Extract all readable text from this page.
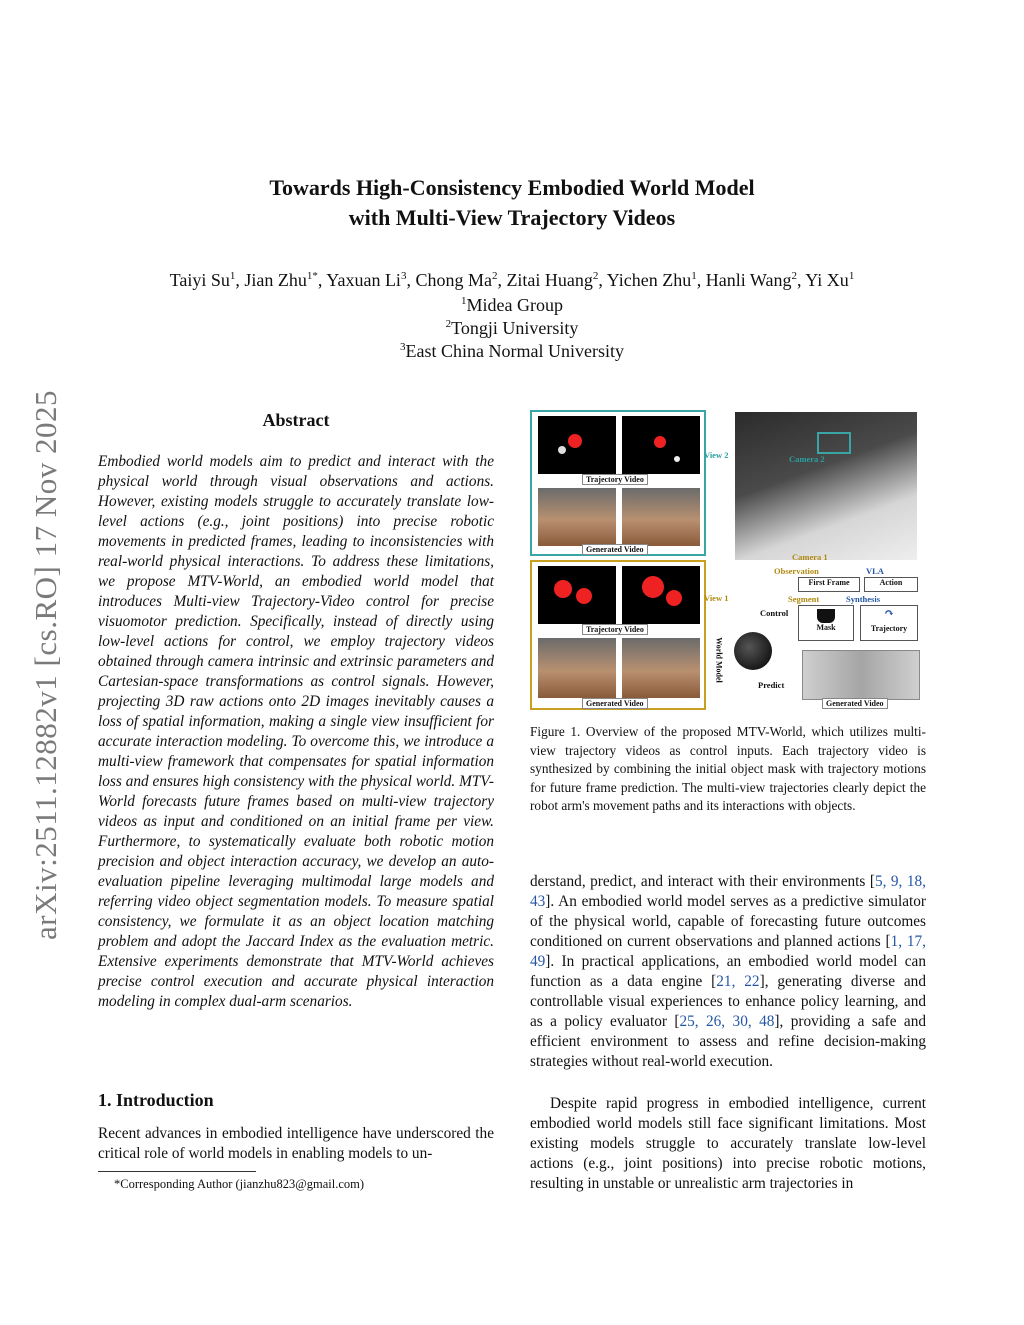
arXiv:2511.12882v1 [cs.RO] 17 Nov 2025
Towards High-Consistency Embodied World Model
with Multi-View Trajectory Videos
Taiyi Su$^1$, Jian Zhu$^{1*}$, Yaxuan Li$^3$, Chong Ma$^2$, Zitai Huang$^2$, Yichen Zhu$^1$, Hanli Wang$^2$, Yi Xu$^1$
$^1$Midea Group
$^2$Tongji University
$^3$East China Normal University
Abstract
Embodied world models aim to predict and interact with the physical world through visual observations and actions. However, existing models struggle to accurately translate low-level actions (e.g., joint positions) into precise robotic movements in predicted frames, leading to inconsistencies with real-world physical interactions. To address these limitations, we propose MTV-World, an embodied world model that introduces Multi-view Trajectory-Video control for precise visuomotor prediction. Specifically, instead of directly using low-level actions for control, we employ trajectory videos obtained through camera intrinsic and extrinsic parameters and Cartesian-space transformations as control signals. However, projecting 3D raw actions onto 2D images inevitably causes a loss of spatial information, making a single view insufficient for accurate interaction modeling. To overcome this, we introduce a multi-view framework that compensates for spatial information loss and ensures high consistency with the physical world. MTV-World forecasts future frames based on multi-view trajectory videos as input and conditioned on an initial frame per view. Furthermore, to systematically evaluate both robotic motion precision and object interaction accuracy, we develop an auto-evaluation pipeline leveraging multimodal large models and referring video object segmentation models. To measure spatial consistency, we formulate it as an object location matching problem and adopt the Jaccard Index as the evaluation metric. Extensive experiments demonstrate that MTV-World achieves precise control execution and accurate physical interaction modeling in complex dual-arm scenarios.
1. Introduction
Recent advances in embodied intelligence have underscored the critical role of world models in enabling models to un-
*Corresponding Author (jianzhu823@gmail.com)
Trajectory Video
Generated Video
Trajectory Video
Generated Video
View 2
View 1
Camera 2
Camera 1
Observation	VLA
First Frame	Action
Segment	Synthesis
Mask
↷
Trajectory
Control
World Model
Predict
Generated Video
Figure 1. Overview of the proposed MTV-World, which utilizes multi-view trajectory videos as control inputs. Each trajectory video is synthesized by combining the initial object mask with trajectory motions for future frame prediction. The multi-view trajectories clearly depict the robot arm's movement paths and its interactions with objects.
derstand, predict, and interact with their environments [5, 9, 18, 43]. An embodied world model serves as a predictive simulator of the physical world, capable of forecasting future outcomes conditioned on current observations and planned actions [1, 17, 49]. In practical applications, an embodied world model can function as a data engine [21, 22], generating diverse and controllable visual experiences to enhance policy learning, and as a policy evaluator [25, 26, 30, 48], providing a safe and efficient environment to assess and refine decision-making strategies without real-world execution.
Despite rapid progress in embodied intelligence, current embodied world models still face significant limitations. Most existing models struggle to accurately translate low-level actions (e.g., joint positions) into precise robotic motions, resulting in unstable or unrealistic arm trajectories in
